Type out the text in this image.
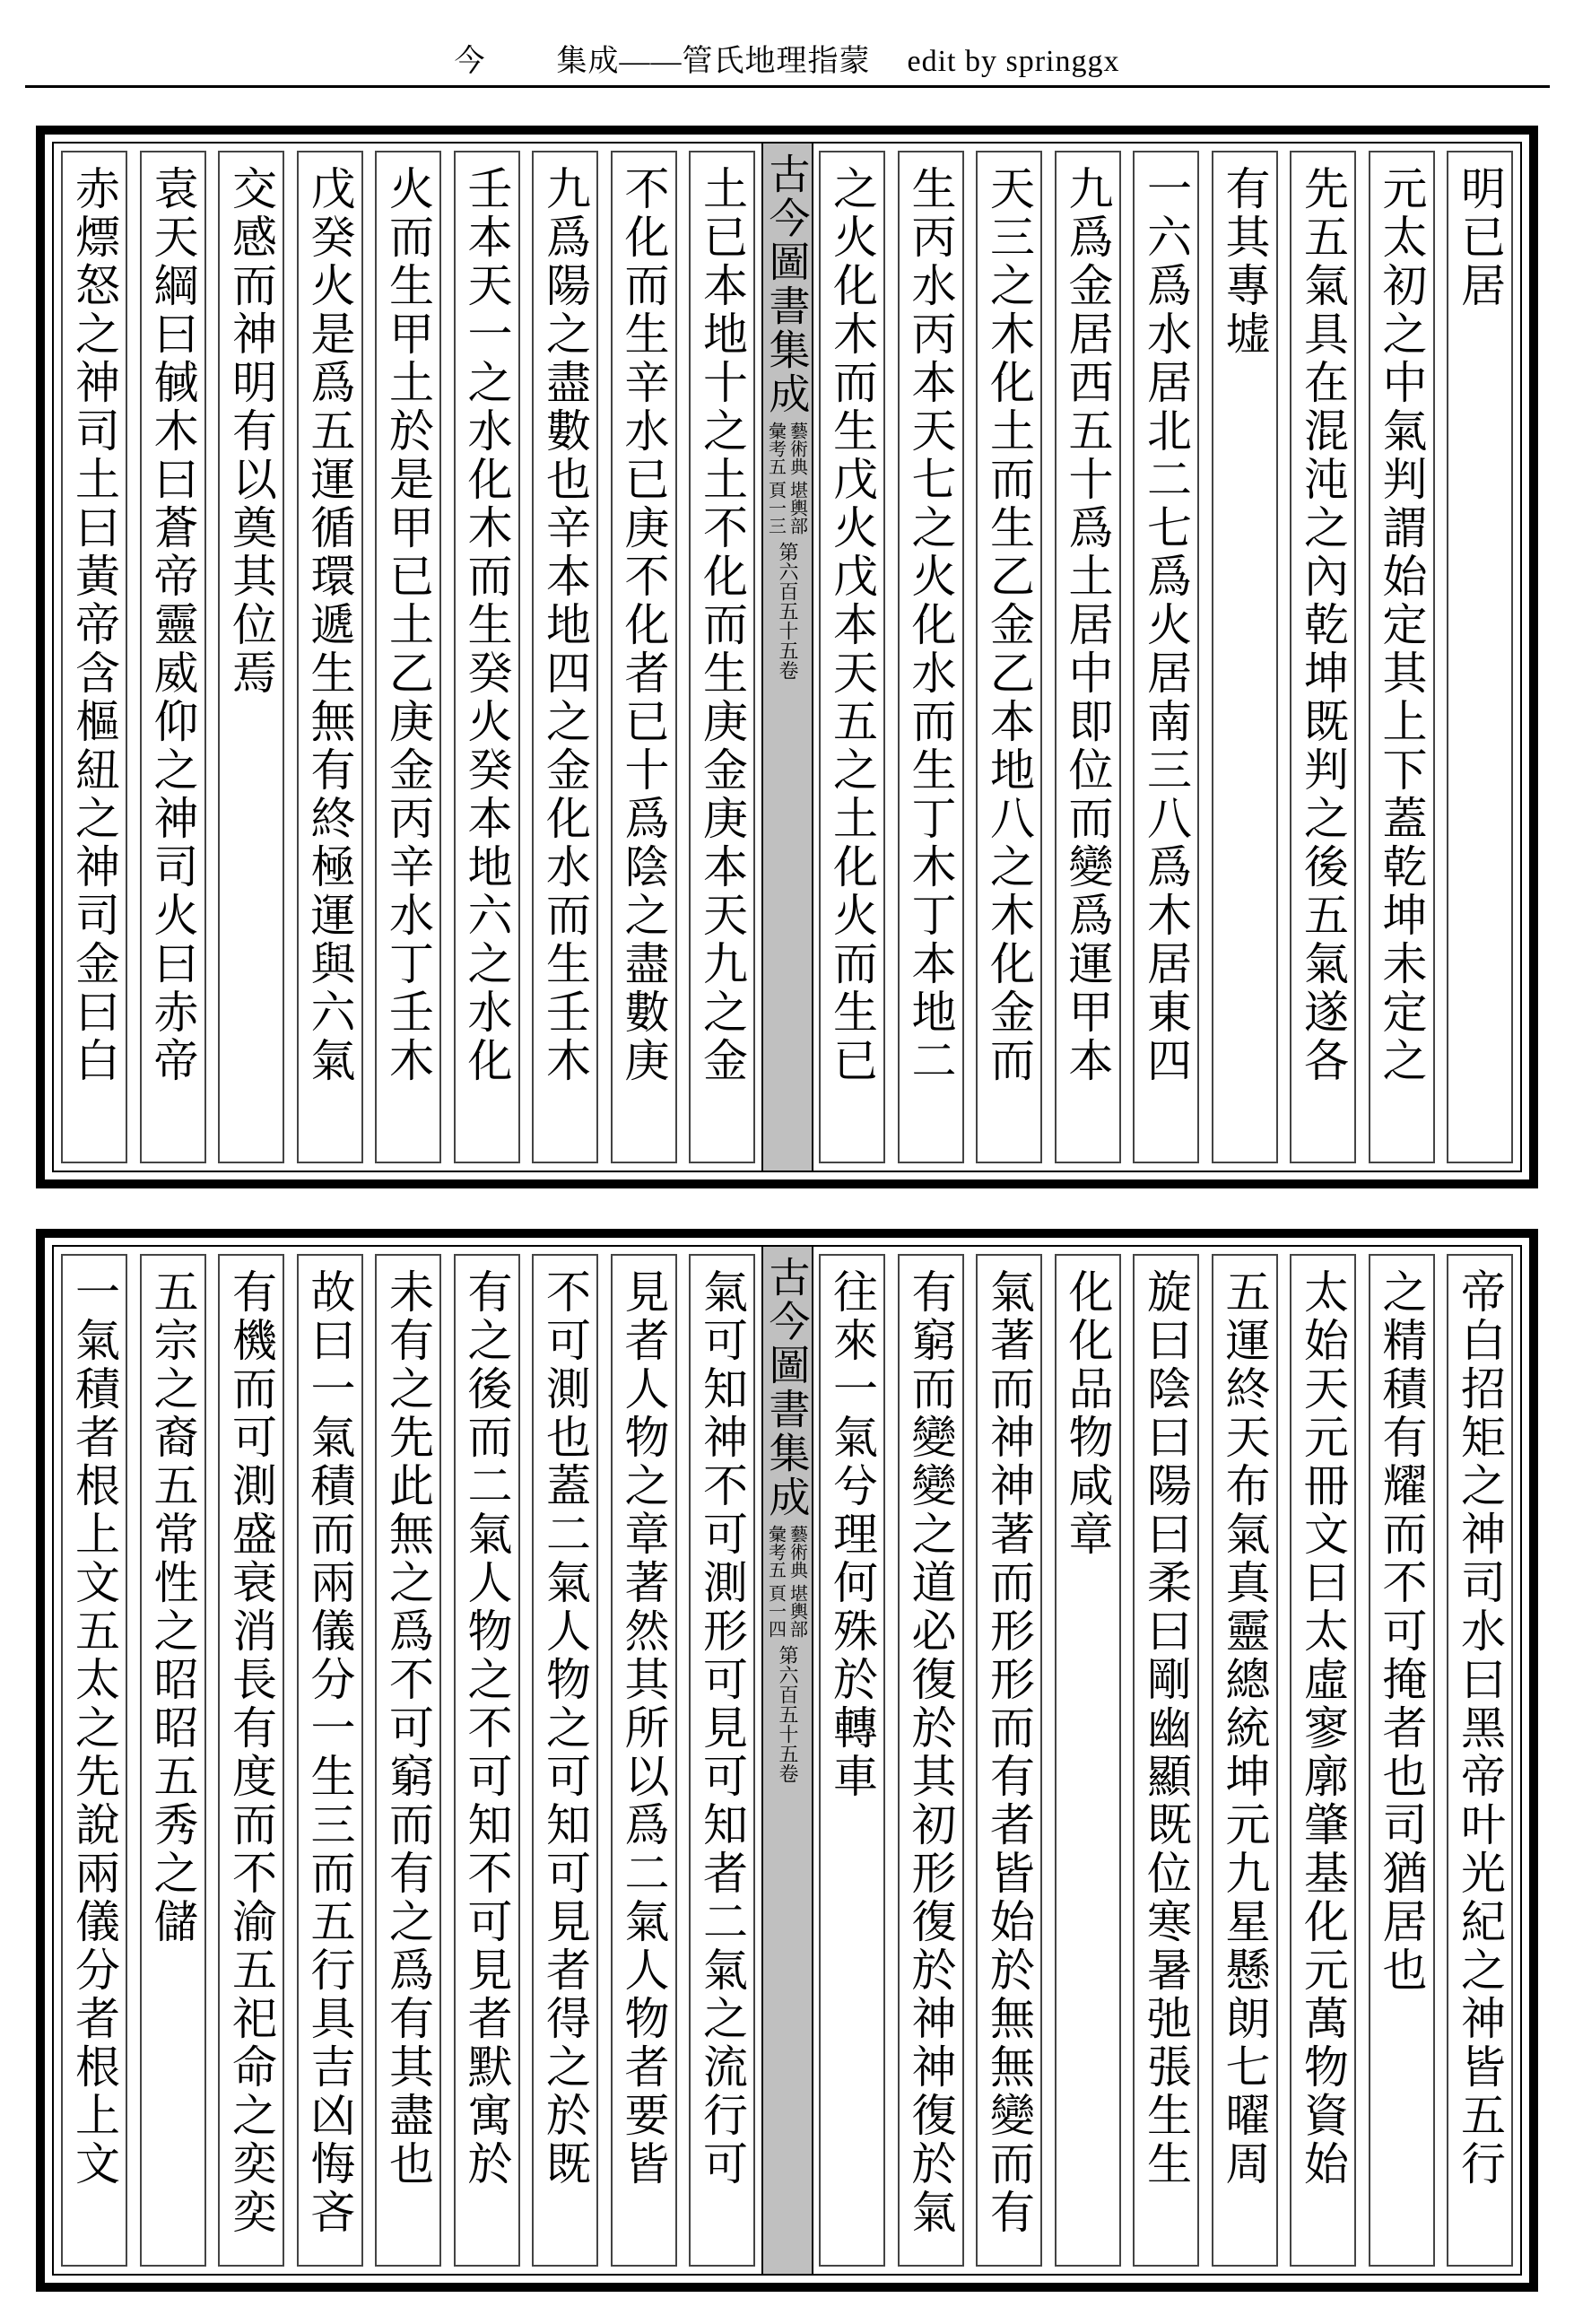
今 集成——管氏地理指蒙 edit by springgx
明已居
元太初之中氣判謂始定其上下蓋乾坤未定之
先五氣具在混沌之內乾坤既判之後五氣遂各
有其專墟
一六爲水居北二七爲火居南三八爲木居東四
九爲金居西五十爲土居中即位而變爲運甲本
天三之木化土而生乙金乙本地八之木化金而
生丙水丙本天七之火化水而生丁木丁本地二
之火化木而生戊火戊本天五之土化火而生已
古今圖書集成
藝術典
彙考五
堪輿部
頁一三
第六百五十五卷
土已本地十之土不化而生庚金庚本天九之金
不化而生辛水已庚不化者已十爲陰之盡數庚
九爲陽之盡數也辛本地四之金化水而生壬木
壬本天一之水化木而生癸火癸本地六之水化
火而生甲土於是甲已土乙庚金丙辛水丁壬木
戊癸火是爲五運循環遞生無有終極運與六氣
交感而神明有以奠其位焉
袁天綱曰戫木曰蒼帝靈威仰之神司火曰赤帝
赤熛怒之神司土曰黃帝含樞紐之神司金曰白
帝白招矩之神司水曰黑帝叶光紀之神皆五行
之精積有耀而不可掩者也司猶居也
太始天元冊文曰太虛寥廓肇基化元萬物資始
五運終天布氣真靈總統坤元九星懸朗七曜周
旋曰陰曰陽曰柔曰剛幽顯既位寒暑弛張生生
化化品物咸章
氣著而神神著而形形而有者皆始於無無變而有
有窮而變變之道必復於其初形復於神神復於氣
往來一氣兮理何殊於轉車
古今圖書集成
藝術典
彙考五
堪輿部
頁一四
第六百五十五卷
氣可知神不可測形可見可知者二氣之流行可
見者人物之章著然其所以爲二氣人物者要皆
不可測也蓋二氣人物之可知可見者得之於既
有之後而二氣人物之不可知不可見者默寓於
未有之先此無之爲不可窮而有之爲有其盡也
故曰一氣積而兩儀分一生三而五行具吉凶悔吝
有機而可測盛衰消長有度而不渝五祀命之奕奕
五宗之裔五常性之昭昭五秀之儲
一氣積者根上文五太之先說兩儀分者根上文
